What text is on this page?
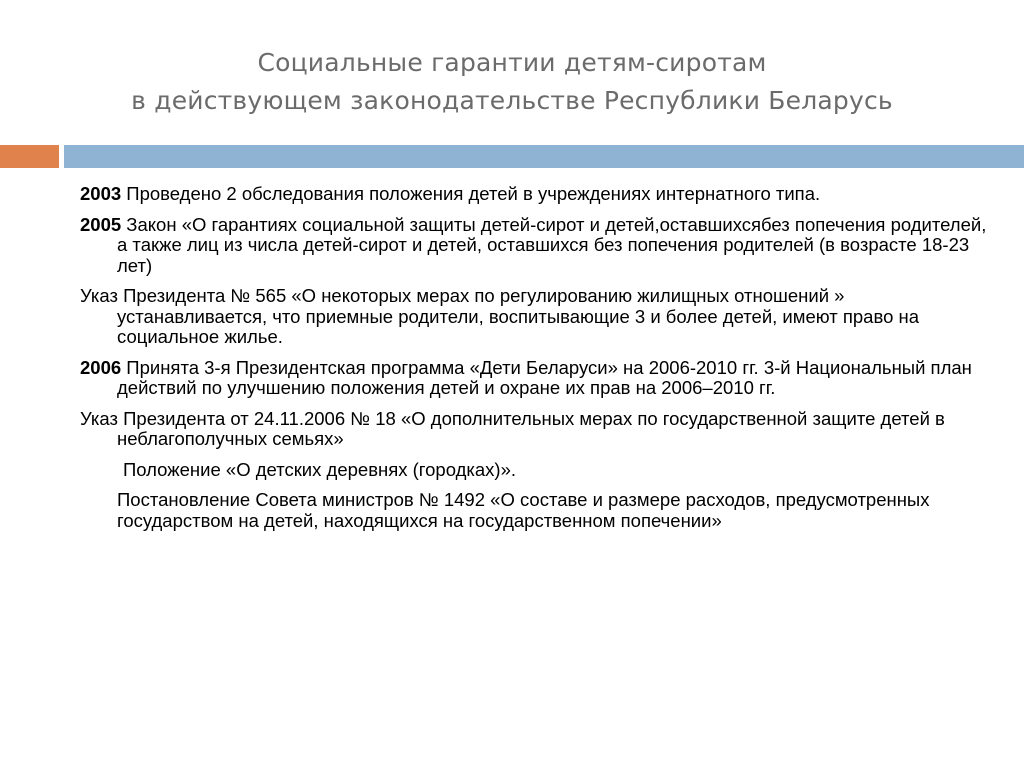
Социальные гарантии детям-сиротам
в действующем законодательстве Республики Беларусь
2003 Проведено 2 обследования положения детей в учреждениях интернатного типа.
2005 Закон «О гарантиях социальной защиты детей-сирот и детей,оставшихсябез попечения родителей, а также лиц из числа детей-сирот и детей, оставшихся без попечения родителей (в возрасте 18-23 лет)
Указ Президента № 565 «О некоторых мерах по регулированию жилищных отношений » устанавливается, что приемные родители, воспитывающие 3 и более детей, имеют право на социальное жилье.
2006 Принята 3-я Президентская программа «Дети Беларуси» на 2006-2010 гг. 3-й Национальный план действий по улучшению положения детей и охране их прав на 2006–2010 гг.
Указ Президента от 24.11.2006 № 18 «О дополнительных мерах по государственной защите детей в неблагополучных семьях»
Положение «О детских деревнях (городках)».
Постановление Совета министров № 1492 «О составе и размере расходов, предусмотренных государством на детей, находящихся на государственном попечении»
